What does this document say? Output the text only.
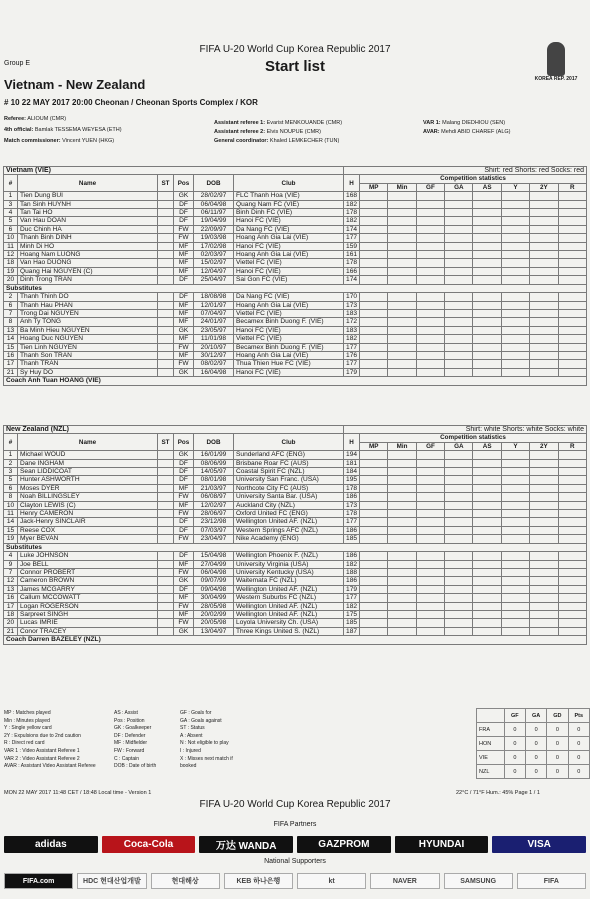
FIFA U-20 World Cup Korea Republic 2017
Start list
Group E
Vietnam - New Zealand
# 10 22 MAY 2017 20:00 Cheonan / Cheonan Sports Complex / KOR
KOREA REP. 2017
Referee: ALIOUM (CMR)
4th official: Bamlak TESSEMA WEYESA (ETH)
Match commissioner: Vincent YUEN (HKG)
Assistant referee 1: Evarist MENKOUANDE (CMR)
Assistant referee 2: Elvis NOUPUE (CMR)
General coordinator: Khaled LEMKECHER (TUN)
VAR 1: Malang DIEDHIOU (SEN)
AVAR: Mehdi ABID CHAREF (ALG)
Vietnam (VIE)						Shirt: red Shorts: red Socks: red								
#	Name	ST	Pos	DOB	Club	H	Competition statistics							
							MP	Min	GF	GA	AS	Y	2Y	R
1	Tien Dung BUI		GK	28/02/97	FLC Thanh Hoa (VIE)	168								
3	Tan Sinh HUYNH		DF	06/04/98	Quang Nam FC (VIE)	182								
4	Tan Tai HO		DF	06/11/97	Binh Dinh FC (VIE)	178								
5	Van Hau DOAN		DF	19/04/99	Hanoi FC (VIE)	182								
6	Duc Chinh HA		FW	22/09/97	Da Nang FC (VIE)	174								
10	Thanh Binh DINH		FW	19/03/98	Hoang Anh Gia Lai (VIE)	177								
11	Minh Di HO		MF	17/02/98	Hanoi FC (VIE)	159								
12	Hoang Nam LUONG		MF	02/03/97	Hoang Anh Gia Lai (VIE)	161								
18	Van Hao DUONG		MF	15/02/97	Viettel FC (VIE)	178								
19	Quang Hai NGUYEN (C)		MF	12/04/97	Hanoi FC (VIE)	166								
20	Dinh Trong TRAN		DF	25/04/97	Sai Gon FC (VIE)	174								
Substitutes														
2	Thanh Thinh DO		DF	18/08/98	Da Nang FC (VIE)	170								
6	Thanh Hau PHAN		MF	12/01/97	Hoang Anh Gia Lai (VIE)	173								
7	Trong Dai NGUYEN		MF	07/04/97	Viettel FC (VIE)	183								
8	Anh Ty TONG		MF	24/01/97	Becamex Binh Duong F. (VIE)	172								
13	Ba Minh Hieu NGUYEN		GK	23/05/97	Hanoi FC (VIE)	183								
14	Hoang Duc NGUYEN		MF	11/01/98	Viettel FC (VIE)	182								
15	Tien Linh NGUYEN		FW	20/10/97	Becamex Binh Duong F. (VIE)	177								
16	Thanh Son TRAN		MF	30/12/97	Hoang Anh Gia Lai (VIE)	176								
17	Thanh TRAN		FW	08/02/97	Thua Thien Hue FC (VIE)	177								
21	Sy Huy DO		GK	16/04/98	Hanoi FC (VIE)	179								
Coach Anh Tuan HOANG (VIE)														
New Zealand (NZL)						Shirt: white Shorts: white Socks: white								
#	Name	ST	Pos	DOB	Club	H	Competition statistics							
							MP	Min	GF	GA	AS	Y	2Y	R
1	Michael WOUD		GK	16/01/99	Sunderland AFC (ENG)	194								
2	Dane INGHAM		DF	08/06/99	Brisbane Roar FC (AUS)	181								
3	Sean LIDDICOAT		DF	14/05/97	Coastal Spirit FC (NZL)	184								
5	Hunter ASHWORTH		DF	08/01/98	University San Franc. (USA)	195								
6	Moses DYER		MF	21/03/97	Northcote City FC (AUS)	178								
8	Noah BILLINGSLEY		FW	06/08/97	University Santa Bar. (USA)	186								
10	Clayton LEWIS (C)		MF	12/02/97	Auckland City (NZL)	173								
11	Henry CAMERON		FW	28/06/97	Oxford United FC (ENG)	178								
14	Jack-Henry SINCLAIR		DF	23/12/98	Wellington United AF. (NZL)	177								
15	Reese COX		DF	07/03/97	Western Springs AFC (NZL)	186								
19	Myer BEVAN		FW	23/04/97	Nike Academy (ENG)	185								
Substitutes														
4	Luke JOHNSON		DF	15/04/98	Wellington Phoenix F. (NZL)	186								
9	Joe BELL		MF	27/04/99	University Virginia (USA)	182								
7	Connor PROBERT		FW	06/04/98	University Kentucky (USA)	188								
12	Cameron BROWN		GK	09/07/99	Waitemata FC (NZL)	186								
13	James MCGARRY		DF	09/04/98	Wellington United AF. (NZL)	179								
16	Callum MCCOWATT		MF	30/04/99	Western Suburbs FC (NZL)	177								
17	Logan ROGERSON		FW	28/05/98	Wellington United AF. (NZL)	182								
18	Sarpreet SINGH		MF	20/02/99	Wellington United AF. (NZL)	175								
20	Lucas IMRIE		FW	20/05/98	Loyola University Ch. (USA)	185								
21	Conor TRACEY		GK	13/04/97	Three Kings United S. (NZL)	187								
Coach Darren BAZELEY (NZL)														
MP : Matches played
Min : Minutes played
Y : Single yellow card
2Y : Expulsions due to 2nd caution
R : Direct red card
VAR 1 : Video Assistant Referee 1
VAR 2 : Video Assistant Referee 2
AVAR : Assistant Video Assistant Referee
AS : Assist
Pos : Position
GK : Goalkeeper
DF : Defender
MF : Midfielder
FW : Forward
C : Captain
DOB : Date of birth
GF : Goals for
GA : Goals against
ST : Status
A : Absent
N : Not eligible to play
I : Injured
X : Misses next match if
booked
	GF	GA	GD	Pts
FRA	0	0	0	0
HON	0	0	0	0
VIE	0	0	0	0
NZL	0	0	0	0
MON 22 MAY 2017 11:48 CET / 18:48 Local time - Version 1	22°C / 71°F Hum.: 45% Page 1 / 1
FIFA U-20 World Cup Korea Republic 2017
FIFA Partners
adidas	Coca-Cola	万达 WANDA	GAZPROM	HYUNDAI	VISA
National Supporters
FIFA.com	HDC 현대산업개발	현대해상	KEB 하나은행	kt	NAVER	SAMSUNG	FIFA
